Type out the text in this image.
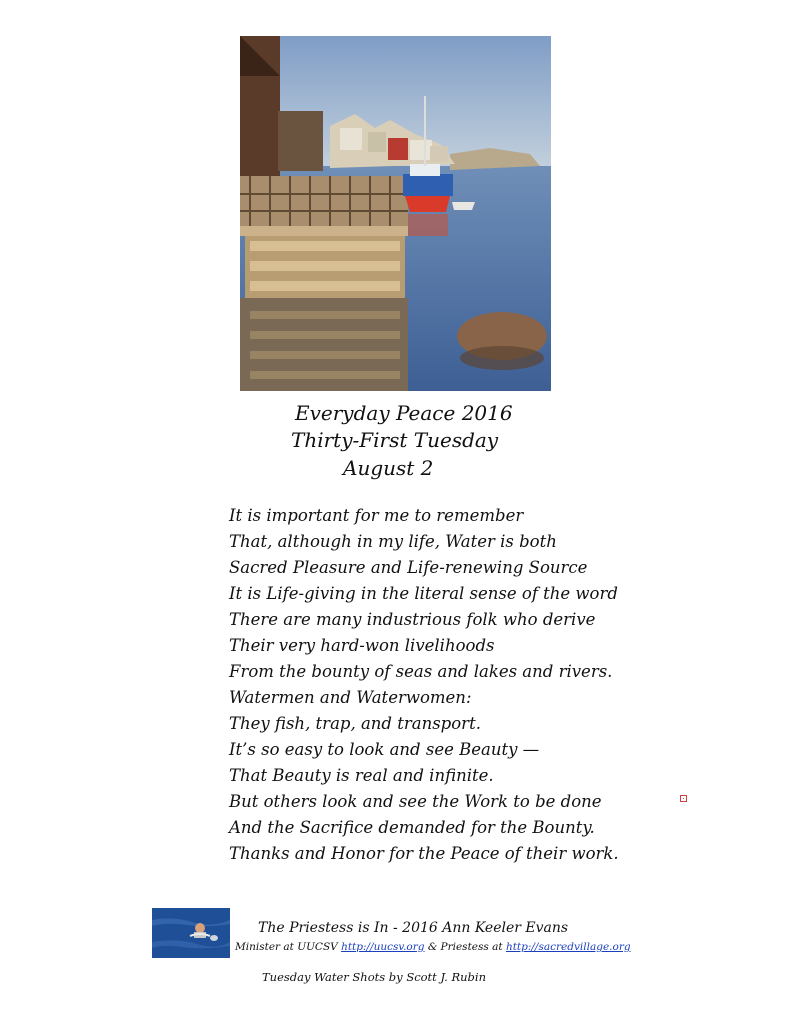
Everyday Peace 2016
Thirty-First Tuesday
August 2
It is important for me to remember
That, although in my life, Water is both
Sacred Pleasure and Life-renewing Source
It is Life-giving in the literal sense of the word
There are many industrious folk who derive
Their very hard-won livelihoods
From the bounty of seas and lakes and rivers.
Watermen and Waterwomen:
They fish, trap, and transport.
It’s so easy to look and see Beauty —
That Beauty is real and infinite.
But others look and see the Work to be done
And the Sacrifice demanded for the Bounty.
Thanks and Honor for the Peace of their work.
The Priestess is In - 2016 Ann Keeler Evans
Minister at UUCSV http://uucsv.org & Priestess at http://sacredvillage.org
Tuesday Water Shots by Scott J. Rubin
